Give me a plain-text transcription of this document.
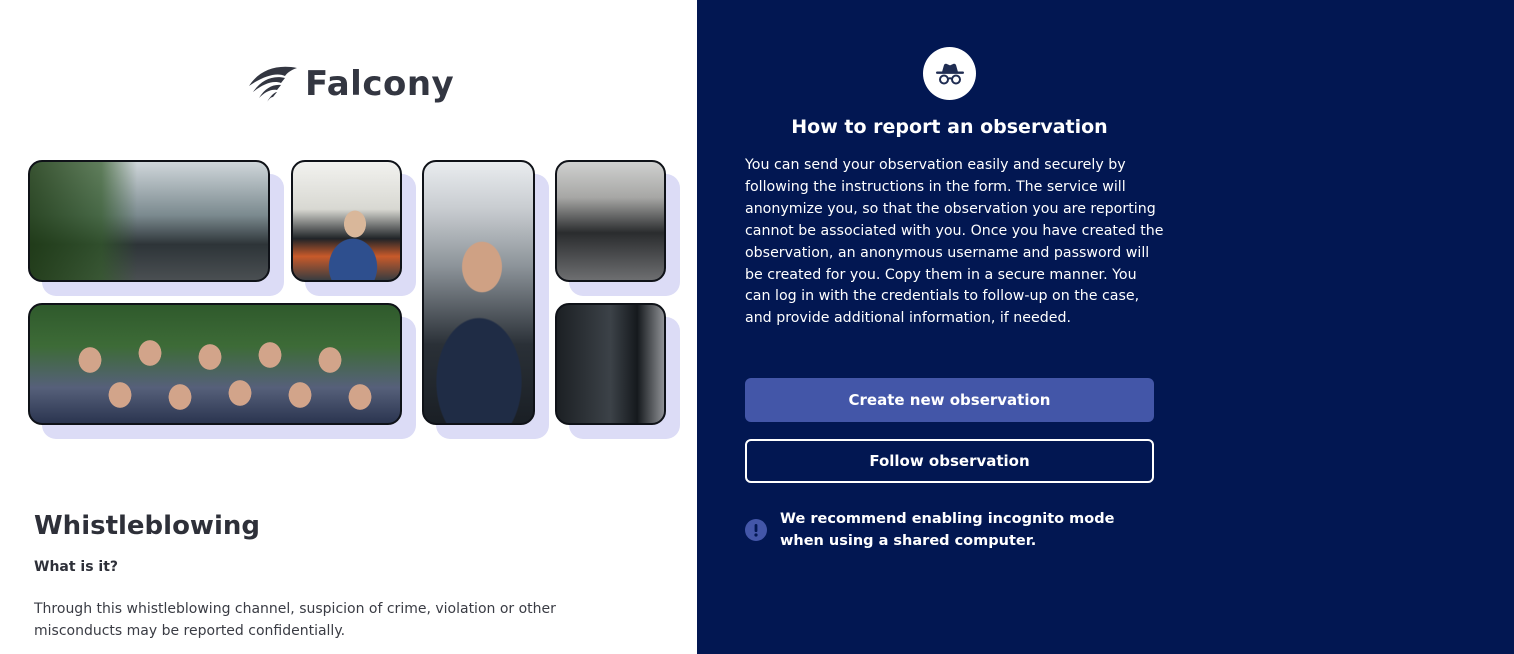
Falcony
Whistleblowing
What is it?
Through this whistleblowing channel, suspicion of crime, violation or other misconducts may be reported confidentially.
How to report an observation
You can send your observation easily and securely by following the instructions in the form. The service will anonymize you, so that the observation you are reporting cannot be associated with you. Once you have created the observation, an anonymous username and password will be created for you. Copy them in a secure manner. You can log in with the credentials to follow-up on the case, and provide additional information, if needed.
Create new observation
Follow observation
We recommend enabling incognito mode when using a shared computer.
